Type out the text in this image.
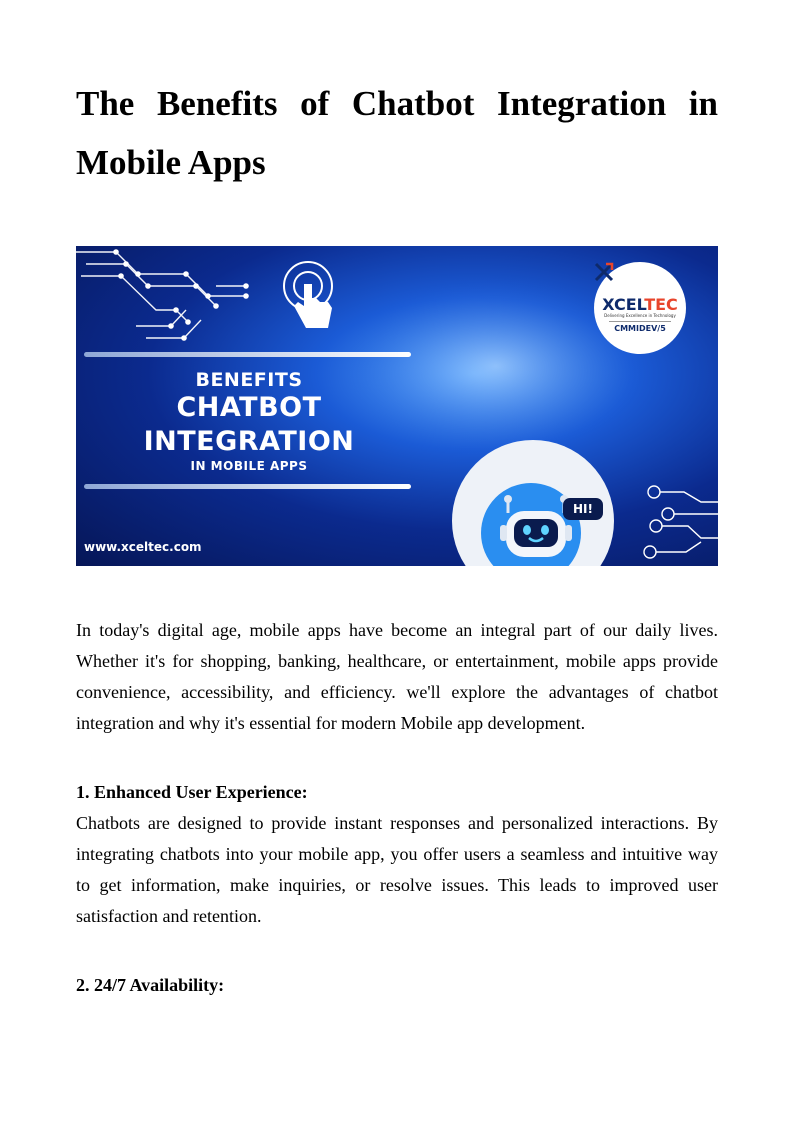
The Benefits of Chatbot Integration in Mobile Apps
BENEFITS
CHATBOT
INTEGRATION
IN MOBILE APPS
www.xceltec.com
XCELTEC
Delivering Excellence in Technology
CMMIDEV/5
HI!

In today's digital age, mobile apps have become an integral part of our daily lives. Whether it's for shopping, banking, healthcare, or entertainment, mobile apps provide convenience, accessibility, and efficiency. we'll explore the advantages of chatbot integration and why it's essential for modern Mobile app development.

1. Enhanced User Experience:

Chatbots are designed to provide instant responses and personalized interactions. By integrating chatbots into your mobile app, you offer users a seamless and intuitive way to get information, make inquiries, or resolve issues. This leads to improved user satisfaction and retention.

2. 24/7 Availability:
